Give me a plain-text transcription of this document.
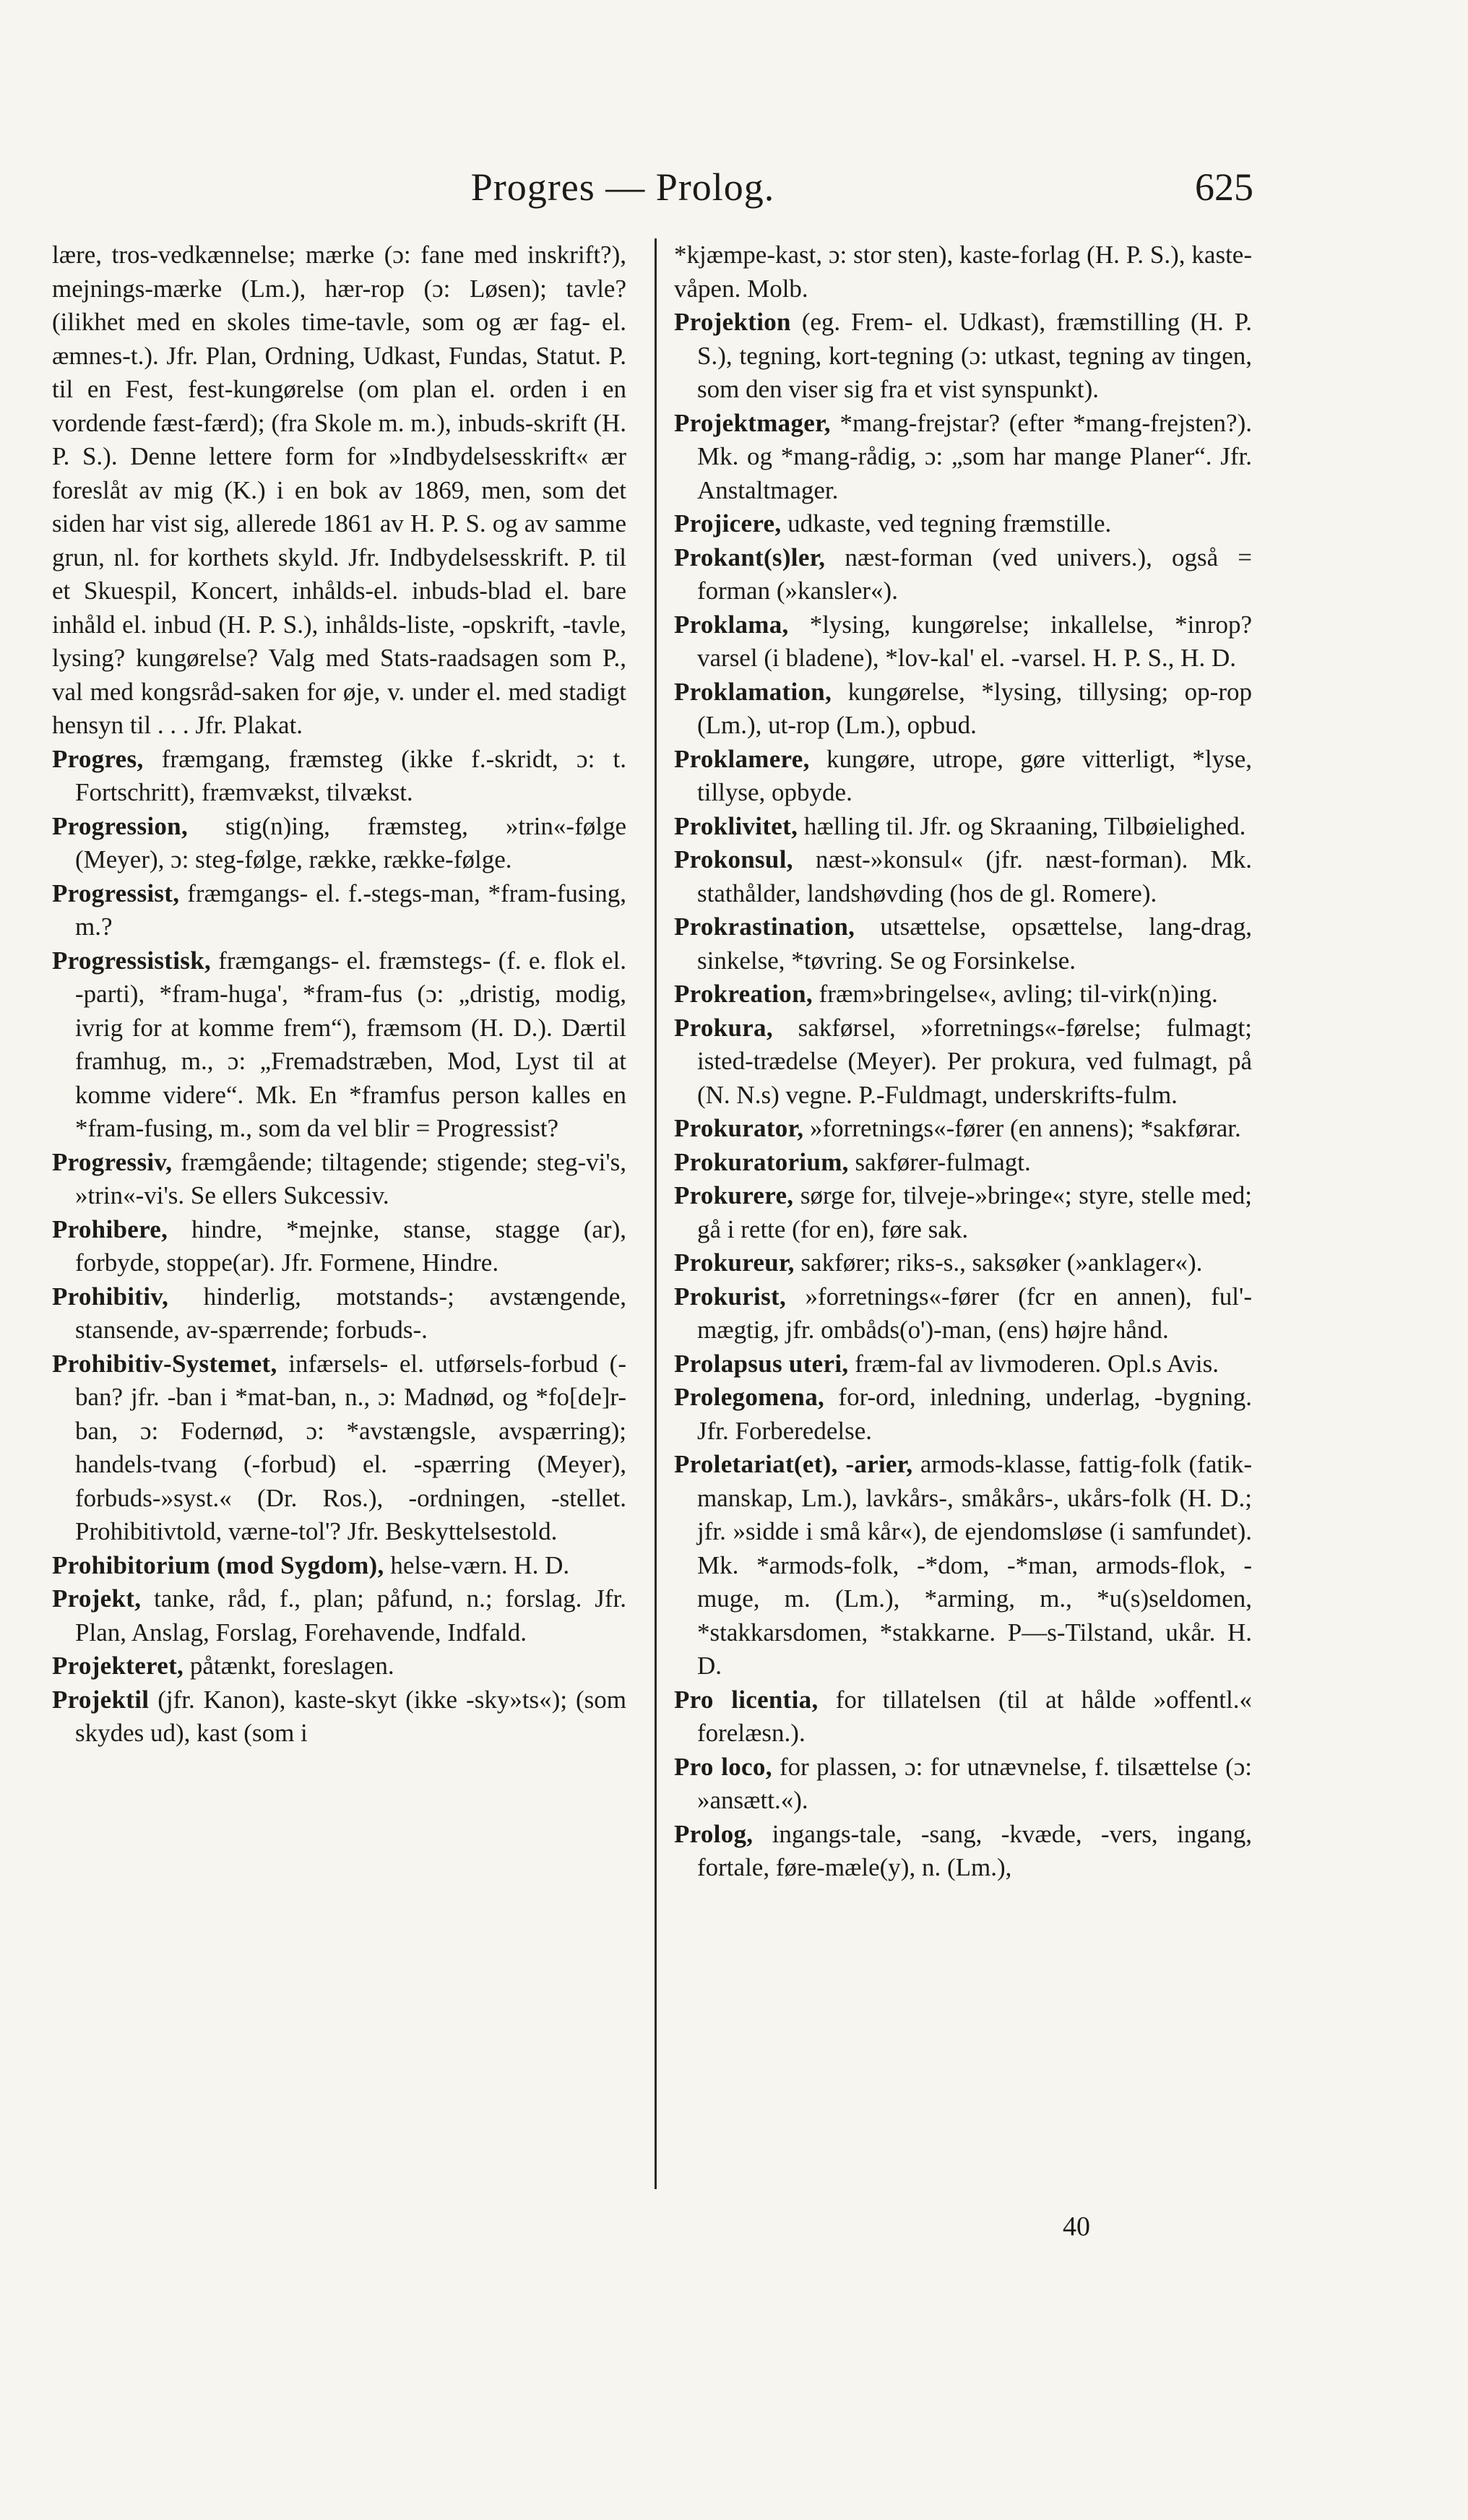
Progres — Prolog.	625

lære, tros-vedkænnelse; mærke (ɔ: fane med inskrift?), mejnings-mærke (Lm.), hær-rop (ɔ: Løsen); tavle? (ilikhet med en skoles time-tavle, som og ær fag- el. æmnes-t.). Jfr. Plan, Ordning, Udkast, Fundas, Statut. P. til en Fest, fest-kungørelse (om plan el. orden i en vordende fæst-færd); (fra Skole m. m.), inbuds-skrift (H. P. S.). Denne lettere form for »Indbydelsesskrift« ær foreslåt av mig (K.) i en bok av 1869, men, som det siden har vist sig, allerede 1861 av H. P. S. og av samme grun, nl. for korthets skyld. Jfr. Indbydelsesskrift. P. til et Skuespil, Koncert, inhålds-el. inbuds-blad el. bare inhåld el. inbud (H. P. S.), inhålds-liste, -opskrift, -tavle, lysing? kungørelse? Valg med Stats-raadsagen som P., val med kongsråd-saken for øje, v. under el. med stadigt hensyn til . . . Jfr. Plakat.

Progres, fræmgang, fræmsteg (ikke f.-skridt, ɔ: t. Fortschritt), fræmvækst, tilvækst.

Progression, stig(n)ing, fræmsteg, »trin«-følge (Meyer), ɔ: steg-følge, række, række-følge.

Progressist, fræmgangs- el. f.-stegs-man, *fram-fusing, m.?

Progressistisk, fræmgangs- el. fræmstegs- (f. e. flok el. -parti), *fram-huga', *fram-fus (ɔ: „dristig, modig, ivrig for at komme frem“), fræmsom (H. D.). Dærtil framhug, m., ɔ: „Fremadstræben, Mod, Lyst til at komme videre“. Mk. En *framfus person kalles en *fram-fusing, m., som da vel blir = Progressist?

Progressiv, fræmgående; tiltagende; stigende; steg-vi's, »trin«-vi's. Se ellers Sukcessiv.

Prohibere, hindre, *mejnke, stanse, stagge (ar), forbyde, stoppe(ar). Jfr. Formene, Hindre.

Prohibitiv, hinderlig, motstands-; avstængende, stansende, av-spærrende; forbuds-.

Prohibitiv-Systemet, infærsels- el. utførsels-forbud (-ban? jfr. -ban i *mat-ban, n., ɔ: Madnød, og *fo[de]r-ban, ɔ: Fodernød, ɔ: *avstængsle, avspærring); handels-tvang (-forbud) el. -spærring (Meyer), forbuds-»syst.« (Dr. Ros.), -ordningen, -stellet. Prohibitivtold, værne-tol'? Jfr. Beskyttelsestold.

Prohibitorium (mod Sygdom), helse-værn. H. D.

Projekt, tanke, råd, f., plan; påfund, n.; forslag. Jfr. Plan, Anslag, Forslag, Forehavende, Indfald.

Projekteret, påtænkt, foreslagen.

Projektil (jfr. Kanon), kaste-skyt (ikke -sky»ts«); (som skydes ud), kast (som i

*kjæmpe-kast, ɔ: stor sten), kaste-forlag (H. P. S.), kaste-våpen. Molb.

Projektion (eg. Frem- el. Udkast), fræmstilling (H. P. S.), tegning, kort-tegning (ɔ: utkast, tegning av tingen, som den viser sig fra et vist synspunkt).

Projektmager, *mang-frejstar? (efter *mang-frejsten?). Mk. og *mang-rådig, ɔ: „som har mange Planer“. Jfr. Anstaltmager.

Projicere, udkaste, ved tegning fræmstille.

Prokant(s)ler, næst-forman (ved univers.), også = forman (»kansler«).

Proklama, *lysing, kungørelse; inkallelse, *inrop? varsel (i bladene), *lov-kal' el. -varsel. H. P. S., H. D.

Proklamation, kungørelse, *lysing, tillysing; op-rop (Lm.), ut-rop (Lm.), opbud.

Proklamere, kungøre, utrope, gøre vitterligt, *lyse, tillyse, opbyde.

Proklivitet, hælling til. Jfr. og Skraaning, Tilbøielighed.

Prokonsul, næst-»konsul« (jfr. næst-forman). Mk. stathålder, landshøvding (hos de gl. Romere).

Prokrastination, utsættelse, opsættelse, lang-drag, sinkelse, *tøvring. Se og Forsinkelse.

Prokreation, fræm»bringelse«, avling; til-virk(n)ing.

Prokura, sakførsel, »forretnings«-førelse; fulmagt; isted-trædelse (Meyer). Per prokura, ved fulmagt, på (N. N.s) vegne. P.-Fuldmagt, underskrifts-fulm.

Prokurator, »forretnings«-fører (en annens); *sakførar.

Prokuratorium, sakfører-fulmagt.

Prokurere, sørge for, tilveje-»bringe«; styre, stelle med; gå i rette (for en), føre sak.

Prokureur, sakfører; riks-s., saksøker (»anklager«).

Prokurist, »forretnings«-fører (fcr en annen), ful'-mægtig, jfr. ombåds(o')-man, (ens) højre hånd.

Prolapsus uteri, fræm-fal av livmoderen. Opl.s Avis.

Prolegomena, for-ord, inledning, underlag, -bygning. Jfr. Forberedelse.

Proletariat(et), -arier, armods-klasse, fattig-folk (fatik-manskap, Lm.), lavkårs-, småkårs-, ukårs-folk (H. D.; jfr. »sidde i små kår«), de ejendomsløse (i samfundet). Mk. *armods-folk, -*dom, -*man, armods-flok, -muge, m. (Lm.), *arming, m., *u(s)seldomen, *stakkarsdomen, *stakkarne. P—s-Tilstand, ukår. H. D.

Pro licentia, for tillatelsen (til at hålde »offentl.« forelæsn.).

Pro loco, for plassen, ɔ: for utnævnelse, f. tilsættelse (ɔ: »ansætt.«).

Prolog, ingangs-tale, -sang, -kvæde, -vers, ingang, fortale, føre-mæle(y), n. (Lm.),

40
